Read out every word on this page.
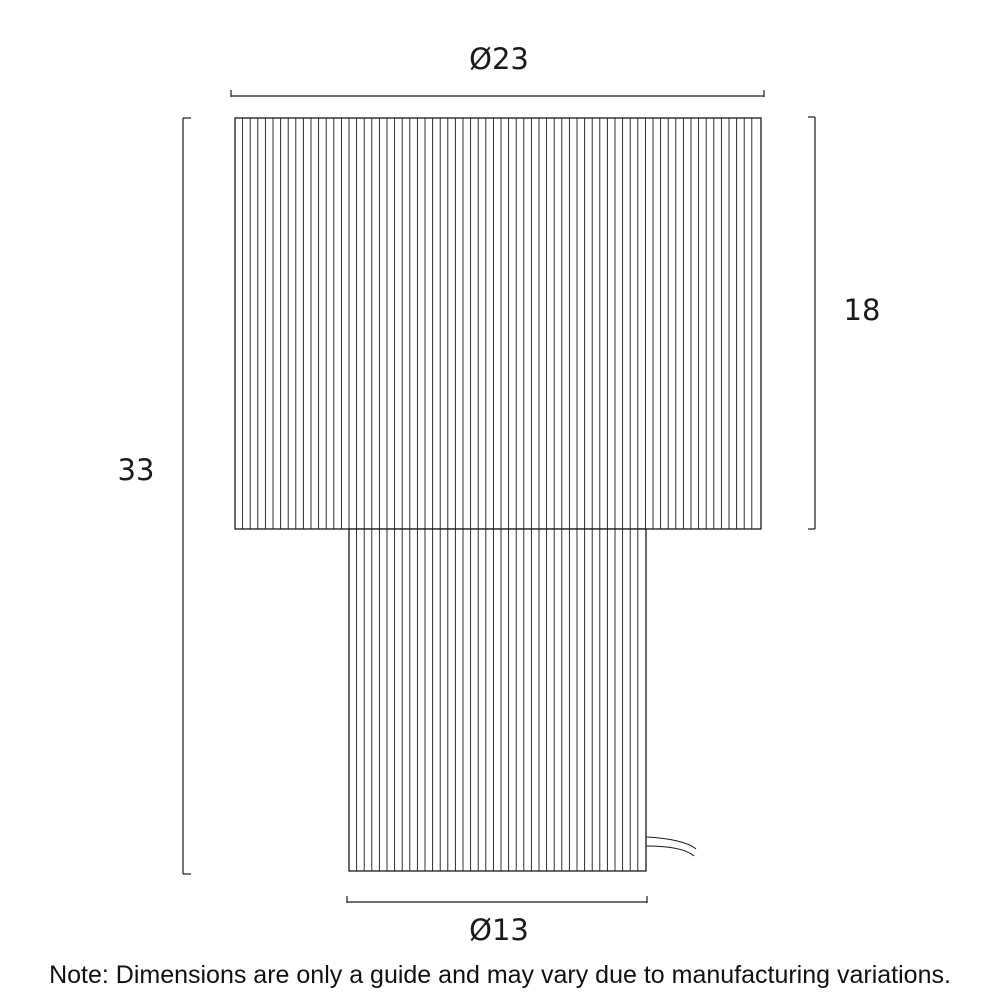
Ø23
18
33
Ø13
Note: Dimensions are only a guide and may vary due to manufacturing variations.
